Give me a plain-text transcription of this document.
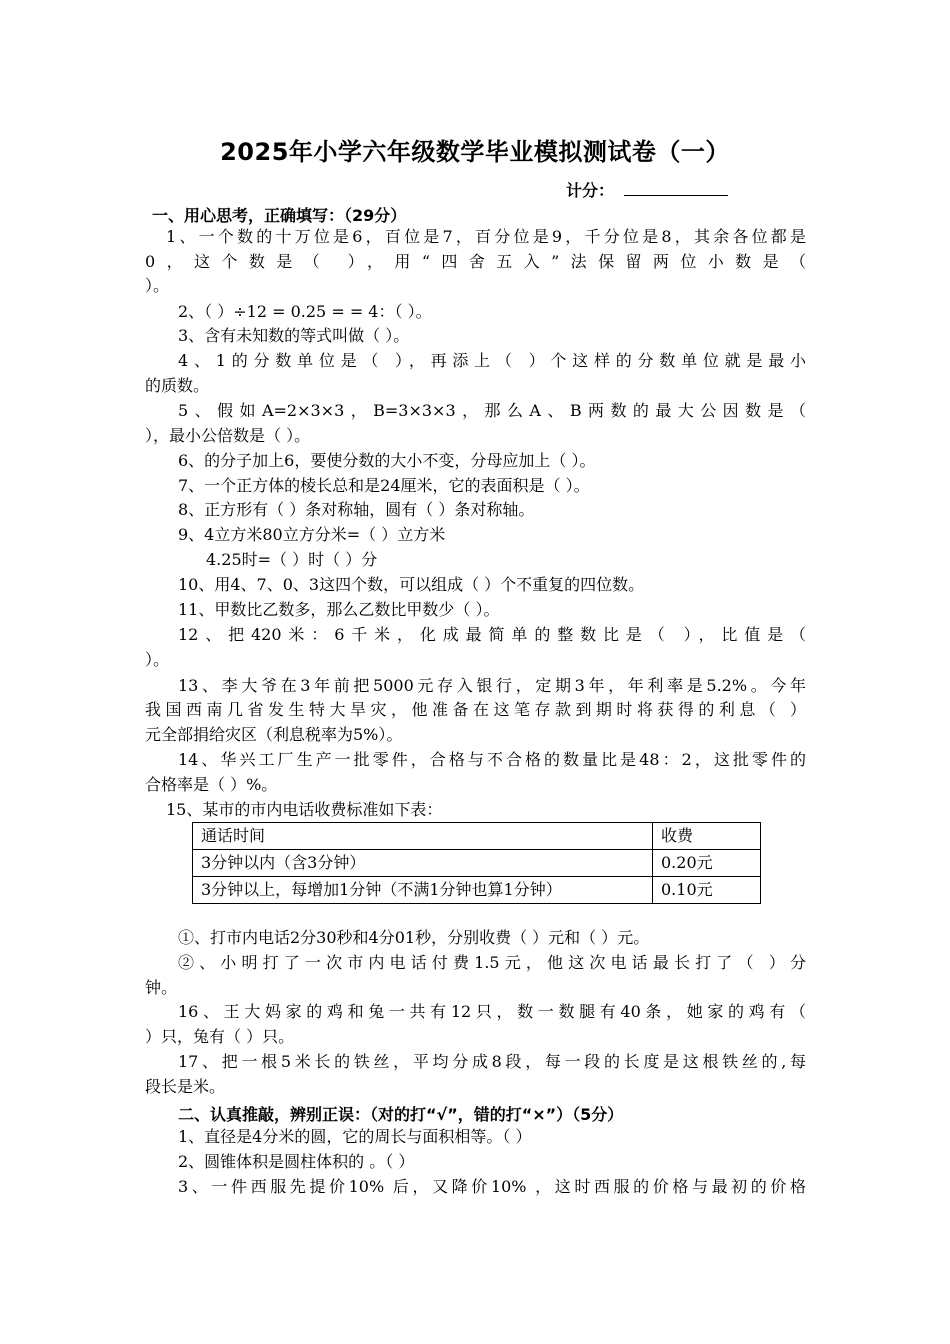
2025年小学六年级数学毕业模拟测试卷（一）
计分：
一、用心思考，正确填写：（29分）
1、一个数的十万位是6，百位是7，百分位是9，千分位是8，其余各位都是
0，这个数是（ ），用“四舍五入”法保留两位小数是（
）。
2、（ ）÷12 = 0.25 = = 4：（ ）。
3、含有未知数的等式叫做（ ）。
4、1的分数单位是（ ），再添上（ ）个这样的分数单位就是最小
的质数。
5、假如A=2×3×3，B=3×3×3，那么A、B两数的最大公因数是（
），最小公倍数是（ ）。
6、的分子加上6，要使分数的大小不变，分母应加上（ ）。
7、一个正方体的棱长总和是24厘米，它的表面积是（ ）。
8、正方形有（ ）条对称轴，圆有（ ）条对称轴。
9、4立方米80立方分米=（ ）立方米
4.25时=（ ）时（ ）分
10、用4、7、0、3这四个数，可以组成（ ）个不重复的四位数。
11、甲数比乙数多，那么乙数比甲数少（ ）。
12、把420米：6千米，化成最简单的整数比是（ ），比值是（
）。
13、李大爷在3年前把5000元存入银行，定期3年，年利率是5.2%。今年
我国西南几省发生特大旱灾，他准备在这笔存款到期时将获得的利息（ ）
元全部捐给灾区（利息税率为5%）。
14、华兴工厂生产一批零件，合格与不合格的数量比是48：2，这批零件的
合格率是（ ）%。
15、某市的市内电话收费标准如下表：
通话时间	收费
3分钟以内（含3分钟）	0.20元
3分钟以上，每增加1分钟（不满1分钟也算1分钟）	0.10元
①、打市内电话2分30秒和4分01秒，分别收费（ ）元和（ ）元。
②、小明打了一次市内电话付费1.5元，他这次电话最长打了（ ）分
钟。
16、王大妈家的鸡和兔一共有12只，数一数腿有40条，她家的鸡有（
）只，兔有（ ）只。
17、把一根5米长的铁丝，平均分成8段，每一段的长度是这根铁丝的,每
段长是米。
二、认真推敲，辨别正误：（对的打“√”，错的打“×”）（5分）
1、直径是4分米的圆，它的周长与面积相等。（ ）
2、圆锥体积是圆柱体积的 。（ ）
3、一件西服先提价10% 后，又降价10% ，这时西服的价格与最初的价格
